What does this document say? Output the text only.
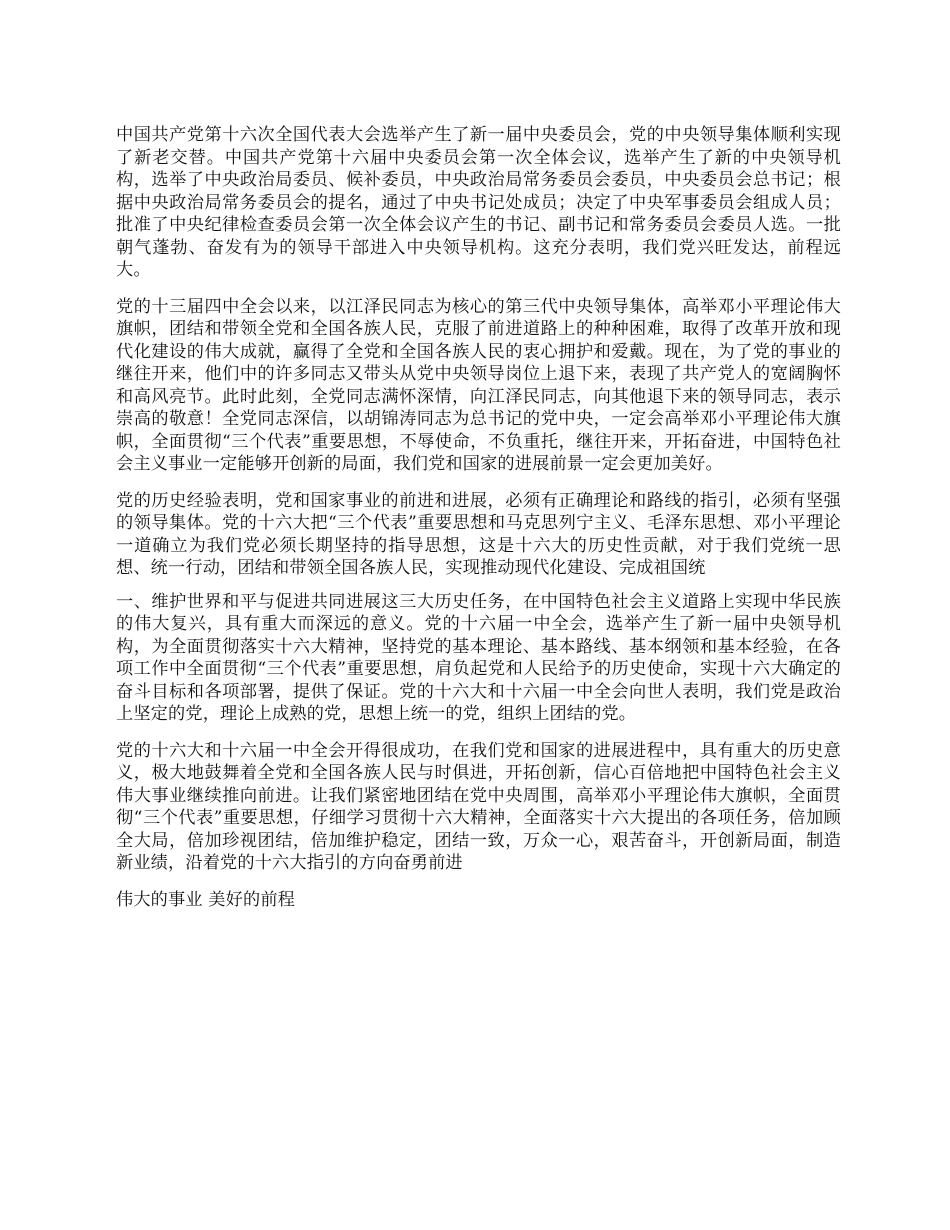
中国共产党第十六次全国代表大会选举产生了新一届中央委员会，党的中央领导集体顺利实现了新老交替。中国共产党第十六届中央委员会第一次全体会议，选举产生了新的中央领导机构，选举了中央政治局委员、候补委员，中央政治局常务委员会委员，中央委员会总书记；根据中央政治局常务委员会的提名，通过了中央书记处成员；决定了中央军事委员会组成人员；批准了中央纪律检查委员会第一次全体会议产生的书记、副书记和常务委员会委员人选。一批朝气蓬勃、奋发有为的领导干部进入中央领导机构。这充分表明，我们党兴旺发达，前程远大。

党的十三届四中全会以来，以江泽民同志为核心的第三代中央领导集体，高举邓小平理论伟大旗帜，团结和带领全党和全国各族人民，克服了前进道路上的种种困难，取得了改革开放和现代化建设的伟大成就，赢得了全党和全国各族人民的衷心拥护和爱戴。现在，为了党的事业的继往开来，他们中的许多同志又带头从党中央领导岗位上退下来，表现了共产党人的宽阔胸怀和高风亮节。此时此刻，全党同志满怀深情，向江泽民同志，向其他退下来的领导同志，表示崇高的敬意！全党同志深信，以胡锦涛同志为总书记的党中央，一定会高举邓小平理论伟大旗帜，全面贯彻“三个代表”重要思想，不辱使命，不负重托，继往开来，开拓奋进，中国特色社会主义事业一定能够开创新的局面，我们党和国家的进展前景一定会更加美好。

党的历史经验表明，党和国家事业的前进和进展，必须有正确理论和路线的指引，必须有坚强的领导集体。党的十六大把“三个代表”重要思想和马克思列宁主义、毛泽东思想、邓小平理论一道确立为我们党必须长期坚持的指导思想，这是十六大的历史性贡献，对于我们党统一思想、统一行动，团结和带领全国各族人民，实现推动现代化建设、完成祖国统

一、维护世界和平与促进共同进展这三大历史任务，在中国特色社会主义道路上实现中华民族的伟大复兴，具有重大而深远的意义。党的十六届一中全会，选举产生了新一届中央领导机构，为全面贯彻落实十六大精神，坚持党的基本理论、基本路线、基本纲领和基本经验，在各项工作中全面贯彻“三个代表”重要思想，肩负起党和人民给予的历史使命，实现十六大确定的奋斗目标和各项部署，提供了保证。党的十六大和十六届一中全会向世人表明，我们党是政治上坚定的党，理论上成熟的党，思想上统一的党，组织上团结的党。

党的十六大和十六届一中全会开得很成功，在我们党和国家的进展进程中，具有重大的历史意义，极大地鼓舞着全党和全国各族人民与时俱进，开拓创新，信心百倍地把中国特色社会主义伟大事业继续推向前进。让我们紧密地团结在党中央周围，高举邓小平理论伟大旗帜，全面贯彻“三个代表”重要思想，仔细学习贯彻十六大精神，全面落实十六大提出的各项任务，倍加顾全大局，倍加珍视团结，倍加维护稳定，团结一致，万众一心，艰苦奋斗，开创新局面，制造新业绩，沿着党的十六大指引的方向奋勇前进

伟大的事业 美好的前程
